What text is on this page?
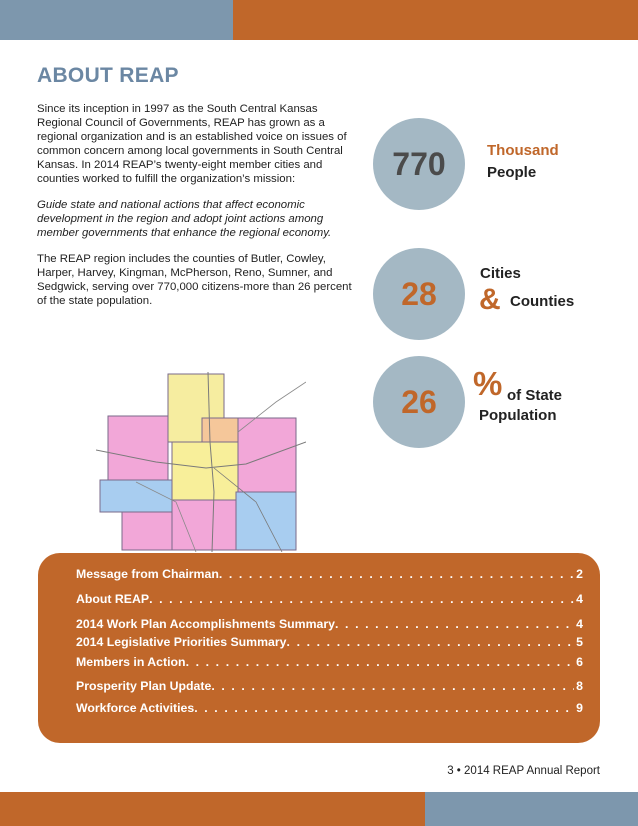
ABOUT REAP

Since its inception in 1997 as the South Central Kansas Regional Council of Governments, REAP has grown as a regional organization and is an established voice on issues of common concern among local governments in South Central Kansas. In 2014 REAP’s twenty-eight member cities and counties worked to fulfill the organization’s mission:

Guide state and national actions that affect economic development in the region and adopt joint actions among member governments that enhance the regional economy.

The REAP region includes the counties of Butler, Cowley, Harper, Harvey, Kingman, McPherson, Reno, Sumner, and Sedgwick, serving over 770,000 citizens-more than 26 percent of the state population.

770	Thousand
People
28
Cities
& Counties
26 % of State
Population
Message from Chairman . . .	2
About REAP . . .	4
2014 Work Plan Accomplishments Summary . . .	4
2014 Legislative Priorities Summary . . .	5
Members in Action . . .	6
Prosperity Plan Update . . .	8
Workforce Activities . . .	9
3 • 2014 REAP Annual Report
